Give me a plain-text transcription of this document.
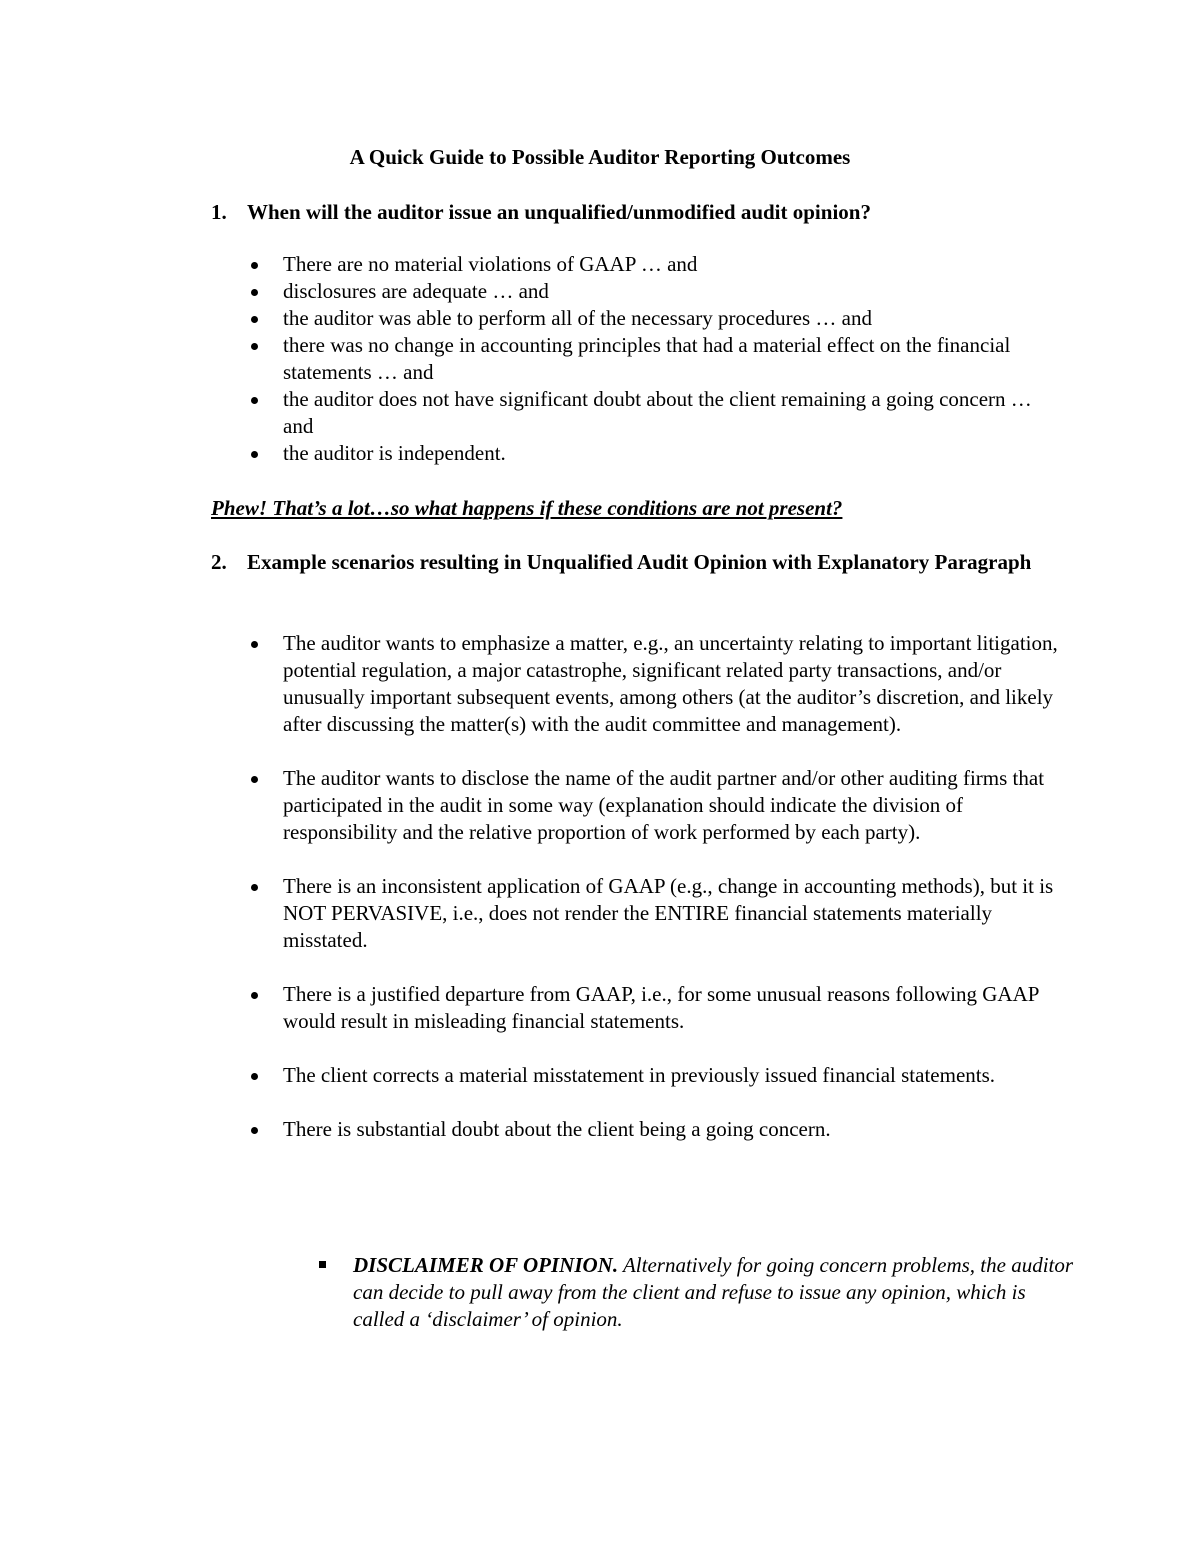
A Quick Guide to Possible Auditor Reporting Outcomes
1. When will the auditor issue an unqualified/unmodified audit opinion?
There are no material violations of GAAP … and
disclosures are adequate … and
the auditor was able to perform all of the necessary procedures … and
there was no change in accounting principles that had a material effect on the financial statements … and
the auditor does not have significant doubt about the client remaining a going concern … and
the auditor is independent.

Phew! That’s a lot…so what happens if these conditions are not present?

2. Example scenarios resulting in Unqualified Audit Opinion with Explanatory Paragraph
The auditor wants to emphasize a matter, e.g., an uncertainty relating to important litigation, potential regulation, a major catastrophe, significant related party transactions, and/or unusually important subsequent events, among others (at the auditor’s discretion, and likely after discussing the matter(s) with the audit committee and management).
The auditor wants to disclose the name of the audit partner and/or other auditing firms that participated in the audit in some way (explanation should indicate the division of responsibility and the relative proportion of work performed by each party).
There is an inconsistent application of GAAP (e.g., change in accounting methods), but it is NOT PERVASIVE, i.e., does not render the ENTIRE financial statements materially misstated.
There is a justified departure from GAAP, i.e., for some unusual reasons following GAAP would result in misleading financial statements.
The client corrects a material misstatement in previously issued financial statements.
There is substantial doubt about the client being a going concern.
DISCLAIMER OF OPINION. Alternatively for going concern problems, the auditor can decide to pull away from the client and refuse to issue any opinion, which is called a ‘disclaimer’ of opinion.
